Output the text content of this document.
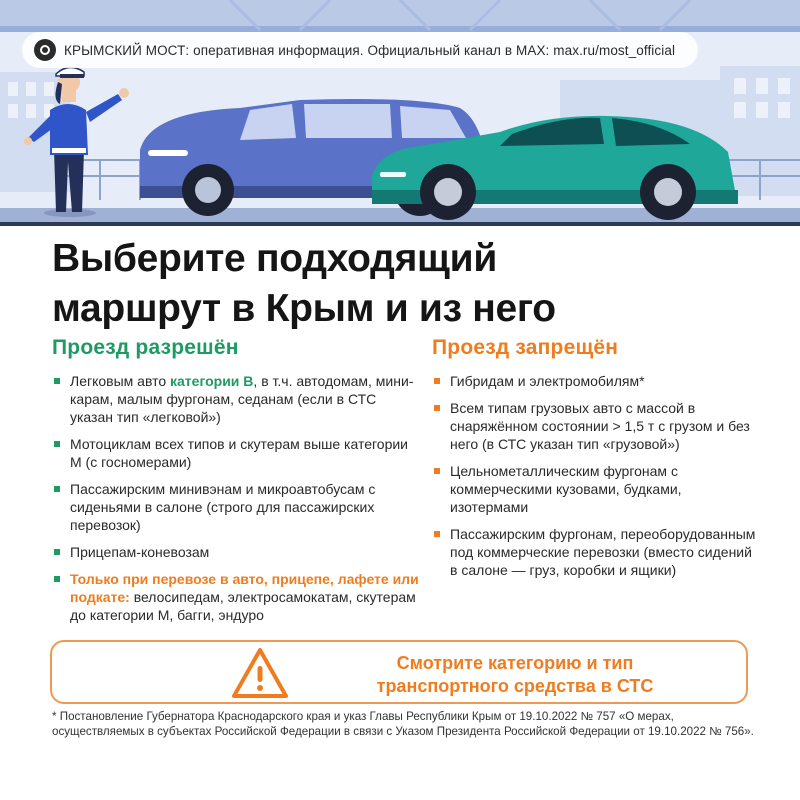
КРЫМСКИЙ МОСТ: оперативная информация. Официальный канал в MAX: max.ru/most_official
Выберите подходящий
маршрут в Крым и из него
Проезд разрешён
Легковым авто категории B, в т.ч. автодомам, мини-карам, малым фургонам, седанам (если в СТС указан тип «легковой»)
Мотоциклам всех типов и скутерам выше категории М (с госномерами)
Пассажирским минивэнам и микроавтобусам с сиденьями в салоне (строго для пассажирских перевозок)
Прицепам-коневозам
Только при перевозе в авто, прицепе, лафете или подкате: велосипедам, электросамокатам, скутерам до категории М, багги, эндуро
Проезд запрещён
Гибридам и электромобилям*
Всем типам грузовых авто с массой в снаряжённом состоянии > 1,5 т с грузом и без него (в СТС указан тип «грузовой»)
Цельнометаллическим фургонам с коммерческими кузовами, будками, изотермами
Пассажирским фургонам, переоборудованным под коммерческие перевозки (вместо сидений в салоне — груз, коробки и ящики)
Смотрите категорию и тип
транспортного средства в СТС
* Постановление Губернатора Краснодарского края и указ Главы Республики Крым от 19.10.2022 № 757 «О мерах, осуществляемых в субъектах Российской Федерации в связи с Указом Президента Российской Федерации от 19.10.2022 № 756».
